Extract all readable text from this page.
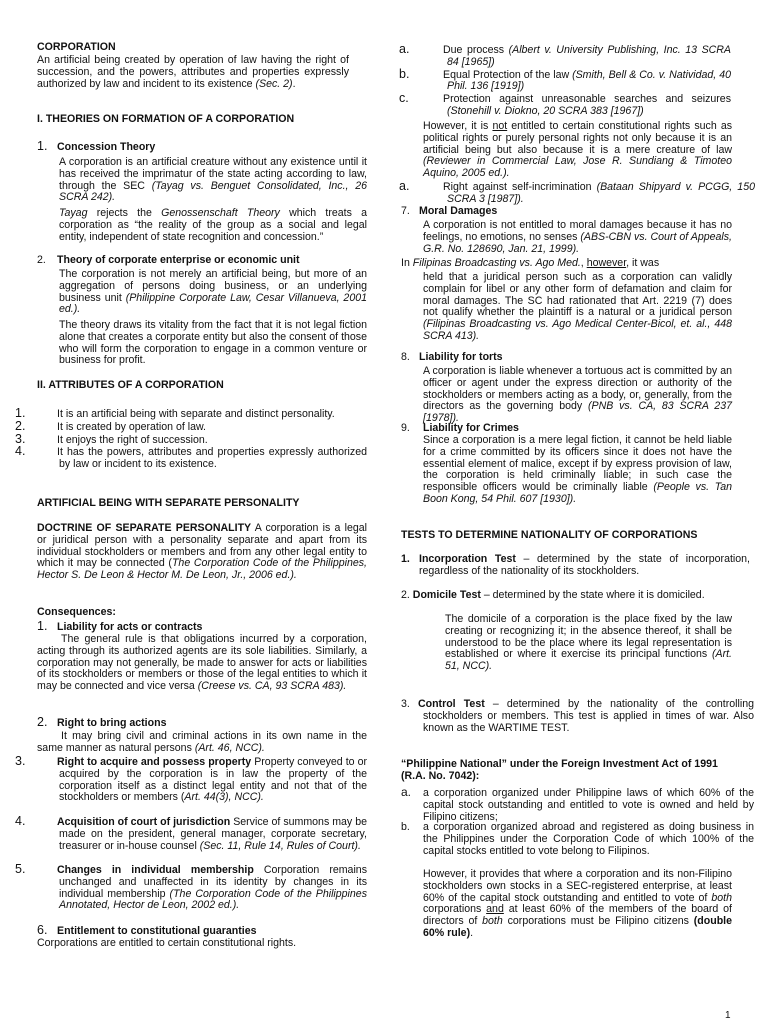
CORPORATION

An artificial being created by operation of law having the right of succession, and the powers, attributes and properties expressly authorized by law and incident to its existence (Sec. 2).

I. THEORIES ON FORMATION OF A CORPORATION

1. Concession Theory

A corporation is an artificial creature without any existence until it has received the imprimatur of the state acting according to law, through the SEC (Tayag vs. Benguet Consolidated, Inc., 26 SCRA 242).

Tayag rejects the Genossenschaft Theory which treats a corporation as “the reality of the group as a social and legal entity, independent of state recognition and concession.”

2. Theory of corporate enterprise or economic unit

The corporation is not merely an artificial being, but more of an aggregation of persons doing business, or an underlying business unit (Philippine Corporate Law, Cesar Villanueva, 2001 ed.).

The theory draws its vitality from the fact that it is not legal fiction alone that creates a corporate entity but also the consent of those who will form the corporation to engage in a common venture or business for profit.

II. ATTRIBUTES OF A CORPORATION

1.	It is an artificial being with separate and distinct personality.

2.	It is created by operation of law.

3.	It enjoys the right of succession.

4.	It has the powers, attributes and properties expressly authorized by law or incident to its existence.

ARTIFICIAL BEING WITH SEPARATE PERSONALITY

DOCTRINE OF SEPARATE PERSONALITY A corporation is a legal or juridical person with a personality separate and apart from its individual stockholders or members and from any other legal entity to which it may be connected (The Corporation Code of the Philippines, Hector S. De Leon & Hector M. De Leon, Jr., 2006 ed.).

Consequences:

1. Liability for acts or contracts

The general rule is that obligations incurred by a corporation, acting through its authorized agents are its sole liabilities. Similarly, a corporation may not generally, be made to answer for acts or liabilities of its stockholders or members or those of the legal entities to which it may be connected and vice versa (Creese vs. CA, 93 SCRA 483).

2. Right to bring actions

It may bring civil and criminal actions in its own name in the same manner as natural persons (Art. 46, NCC).

3.	Right to acquire and possess property Property conveyed to or acquired by the corporation is in law the property of the corporation itself as a distinct legal entity and not that of the stockholders or members (Art. 44(3), NCC).

4.	Acquisition of court of jurisdiction Service of summons may be made on the president, general manager, corporate secretary, treasurer or in-house counsel (Sec. 11, Rule 14, Rules of Court).

5.	Changes in individual membership Corporation remains unchanged and unaffected in its identity by changes in its individual membership (The Corporation Code of the Philippines Annotated, Hector de Leon, 2002 ed.).

6. Entitlement to constitutional guaranties

Corporations are entitled to certain constitutional rights.

a.	Due process (Albert v. University Publishing, Inc. 13 SCRA 84 [1965])

b.	Equal Protection of the law (Smith, Bell & Co. v. Natividad, 40 Phil. 136 [1919])

c.	Protection against unreasonable searches and seizures (Stonehill v. Diokno, 20 SCRA 383 [1967])

However, it is not entitled to certain constitutional rights such as political rights or purely personal rights not only because it is an artificial being but also because it is a mere creature of law (Reviewer in Commercial Law, Jose R. Sundiang & Timoteo Aquino, 2005 ed.).

a.	Right against self-incrimination (Bataan Shipyard v. PCGG, 150 SCRA 3 [1987]).

7. Moral Damages

A corporation is not entitled to moral damages because it has no feelings, no emotions, no senses (ABS-CBN vs. Court of Appeals, G.R. No. 128690, Jan. 21, 1999).

In Filipinas Broadcasting vs. Ago Med., however, it was

held that a juridical person such as a corporation can validly complain for libel or any other form of defamation and claim for moral damages. The SC had rationated that Art. 2219 (7) does not qualify whether the plaintiff is a natural or a juridical person (Filipinas Broadcasting vs. Ago Medical Center-Bicol, et. al., 448 SCRA 413).

8. Liability for torts

A corporation is liable whenever a tortuous act is committed by an officer or agent under the express direction or authority of the stockholders or members acting as a body, or, generally, from the directors as the governing body (PNB vs. CA, 83 SCRA 237 [1978]).

9. Liability for Crimes

Since a corporation is a mere legal fiction, it cannot be held liable for a crime committed by its officers since it does not have the essential element of malice, except if by express provision of law, the corporation is held criminally liable; in such case the responsible officers would be criminally liable (People vs. Tan Boon Kong, 54 Phil. 607 [1930]).

TESTS TO DETERMINE NATIONALITY OF CORPORATIONS

1. Incorporation Test – determined by the state of incorporation, regardless of the nationality of its stockholders.

2. Domicile Test – determined by the state where it is domiciled.

The domicile of a corporation is the place fixed by the law creating or recognizing it; in the absence thereof, it shall be understood to be the place where its legal representation is established or where it exercise its principal functions (Art. 51, NCC).

3. Control Test – determined by the nationality of the controlling stockholders or members. This test is applied in times of war. Also known as the WARTIME TEST.

“Philippine National” under the Foreign Investment Act of 1991 (R.A. No. 7042):

a. a corporation organized under Philippine laws of which 60% of the capital stock outstanding and entitled to vote is owned and held by Filipino citizens;

b. a corporation organized abroad and registered as doing business in the Philippines under the Corporation Code of which 100% of the capital stocks entitled to vote belong to Filipinos.

However, it provides that where a corporation and its non-Filipino stockholders own stocks in a SEC-registered enterprise, at least 60% of the capital stock outstanding and entitled to vote of both corporations and at least 60% of the members of the board of directors of both corporations must be Filipino citizens (double 60% rule).

1
